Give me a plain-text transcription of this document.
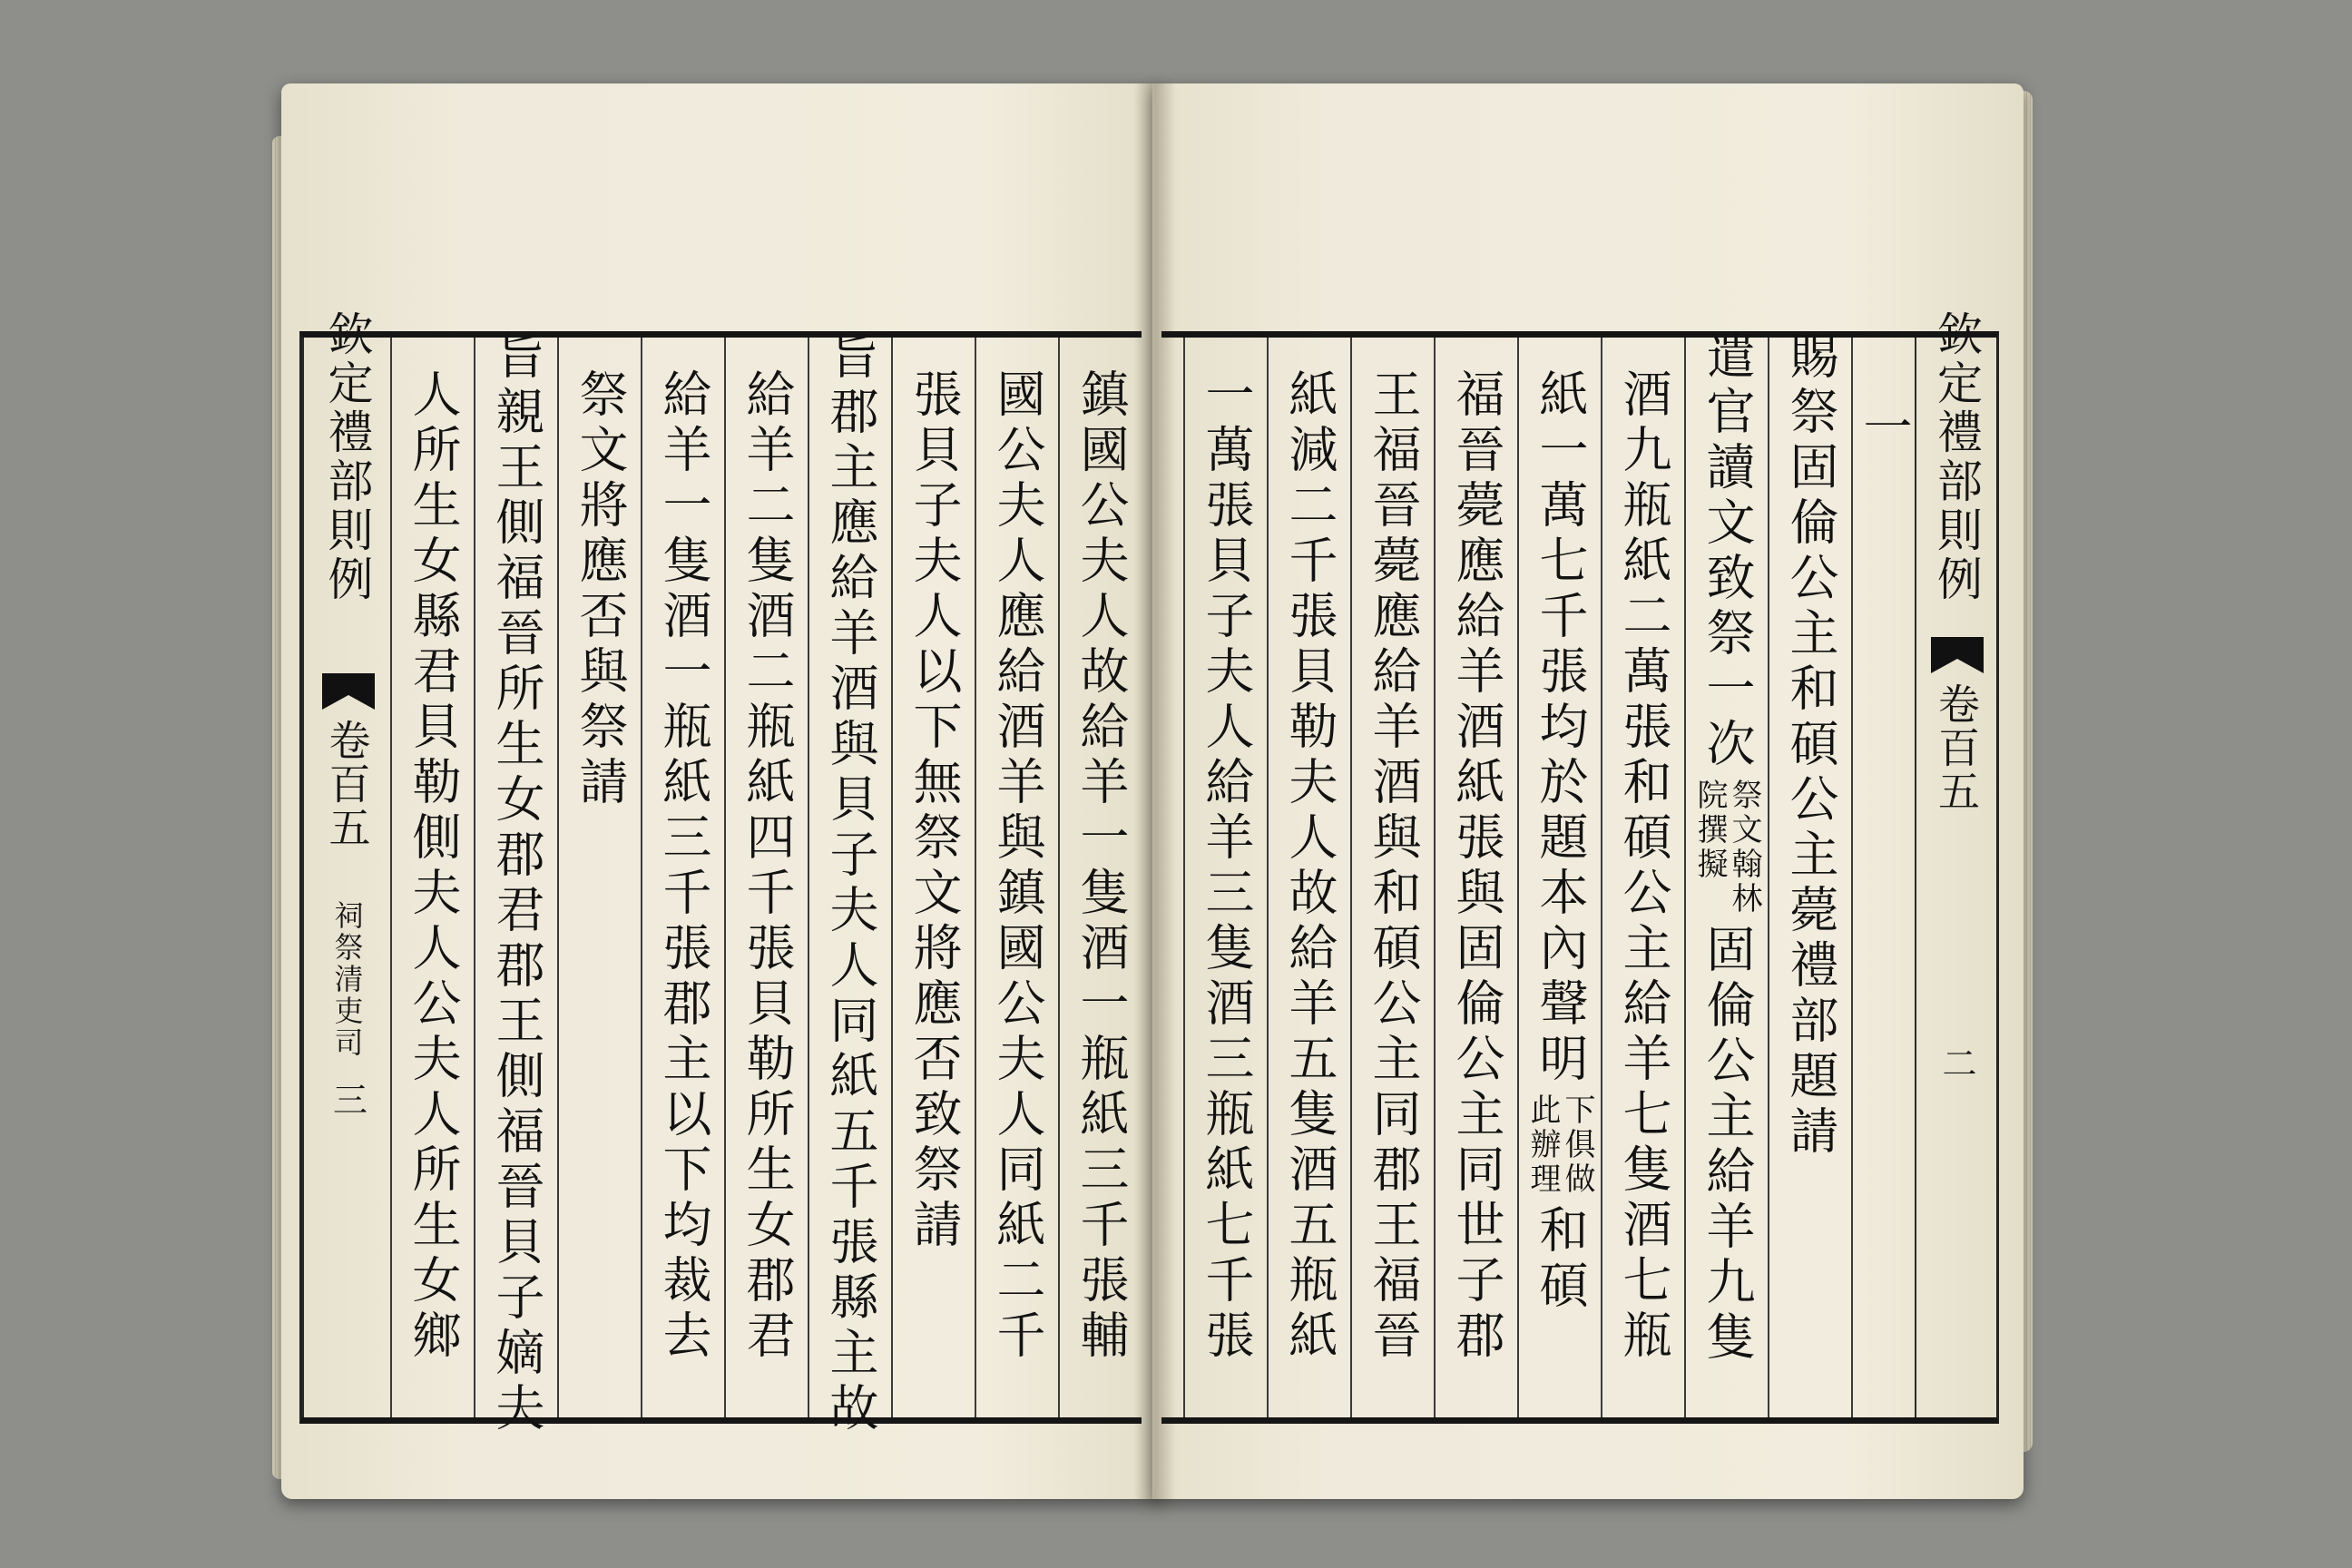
鎮國公夫人故給羊一隻酒一瓶紙三千張輔
國公夫人應給酒羊與鎮國公夫人同紙二千
張貝子夫人以下無祭文將應否致祭請
旨郡主應給羊酒與貝子夫人同紙五千張縣主故
給羊二隻酒二瓶紙四千張貝勒所生女郡君
給羊一隻酒一瓶紙三千張郡主以下均裁去
祭文將應否與祭請
旨親王側福晉所生女郡君郡王側福晉貝子嫡夫
人所生女縣君貝勒側夫人公夫人所生女鄉
欽定禮部則例
卷百五
祠祭清吏司
三
欽定禮部則例
卷百五
二
一
賜祭固倫公主和碩公主薨禮部題請
遣官讀文致祭一次
祭文翰林
院撰擬
固倫公主給羊九隻
酒九瓶紙二萬張和碩公主給羊七隻酒七瓶
紙一萬七千張均於題本內聲明
下俱做
此辦理
和碩
福晉薨應給羊酒紙張與固倫公主同世子郡
王福晉薨應給羊酒與和碩公主同郡王福晉
紙減二千張貝勒夫人故給羊五隻酒五瓶紙
一萬張貝子夫人給羊三隻酒三瓶紙七千張
